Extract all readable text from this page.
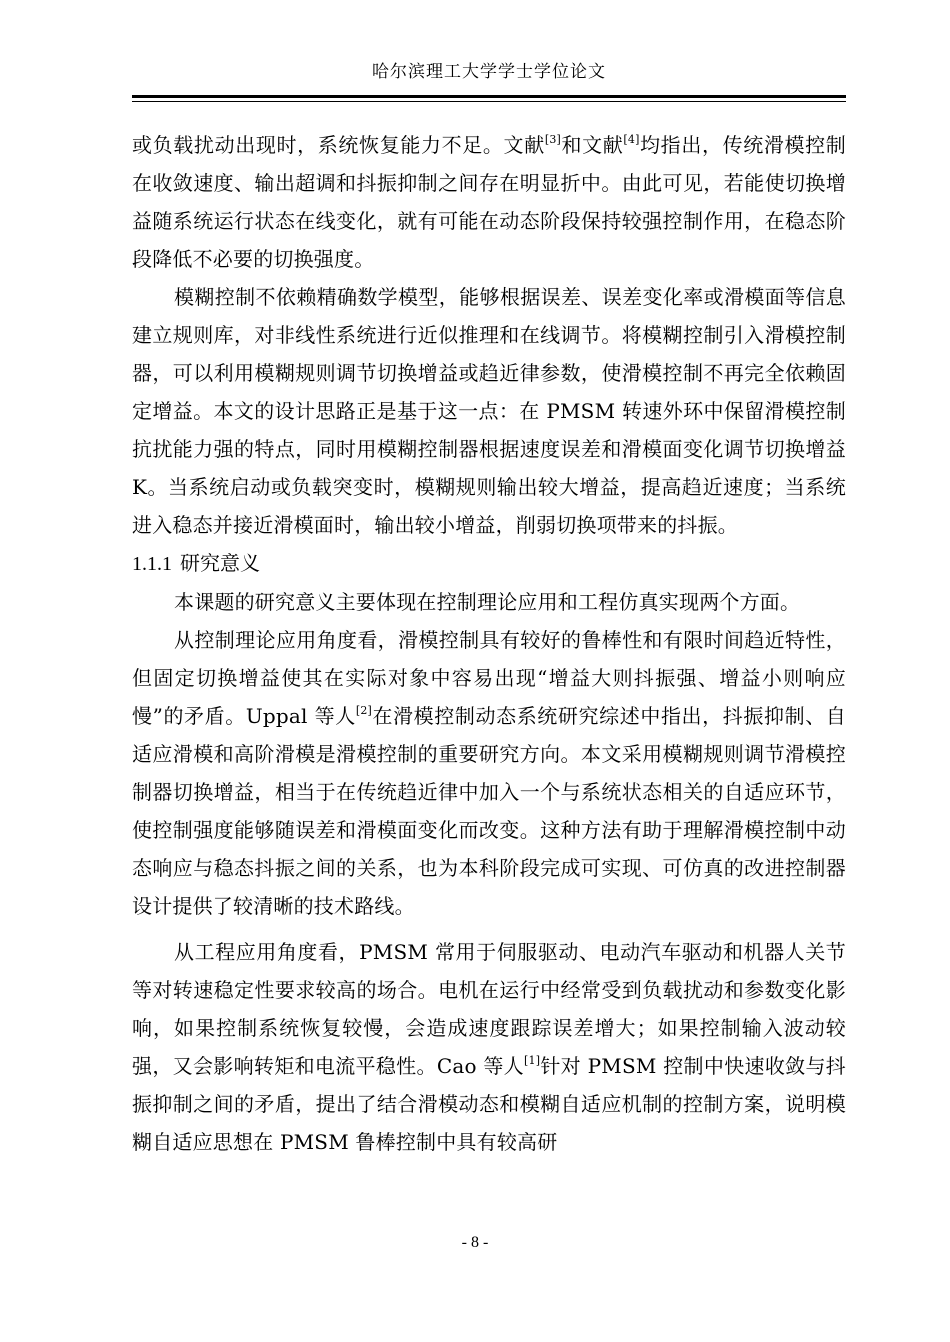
哈尔滨理工大学学士学位论文

或负载扰动出现时，系统恢复能力不足。文献[3]和文献[4]均指出，传统滑模控制在收敛速度、输出超调和抖振抑制之间存在明显折中。由此可见，若能使切换增益随系统运行状态在线变化，就有可能在动态阶段保持较强控制作用，在稳态阶段降低不必要的切换强度。

模糊控制不依赖精确数学模型，能够根据误差、误差变化率或滑模面等信息建立规则库，对非线性系统进行近似推理和在线调节。将模糊控制引入滑模控制器，可以利用模糊规则调节切换增益或趋近律参数，使滑模控制不再完全依赖固定增益。本文的设计思路正是基于这一点：在 PMSM 转速外环中保留滑模控制抗扰能力强的特点，同时用模糊控制器根据速度误差和滑模面变化调节切换增益 K。当系统启动或负载突变时，模糊规则输出较大增益，提高趋近速度；当系统进入稳态并接近滑模面时，输出较小增益，削弱切换项带来的抖振。

1.1.1 研究意义

本课题的研究意义主要体现在控制理论应用和工程仿真实现两个方面。

从控制理论应用角度看，滑模控制具有较好的鲁棒性和有限时间趋近特性，但固定切换增益使其在实际对象中容易出现“增益大则抖振强、增益小则响应慢”的矛盾。Uppal 等人[2]在滑模控制动态系统研究综述中指出，抖振抑制、自适应滑模和高阶滑模是滑模控制的重要研究方向。本文采用模糊规则调节滑模控制器切换增益，相当于在传统趋近律中加入一个与系统状态相关的自适应环节，使控制强度能够随误差和滑模面变化而改变。这种方法有助于理解滑模控制中动态响应与稳态抖振之间的关系，也为本科阶段完成可实现、可仿真的改进控制器设计提供了较清晰的技术路线。

从工程应用角度看，PMSM 常用于伺服驱动、电动汽车驱动和机器人关节等对转速稳定性要求较高的场合。电机在运行中经常受到负载扰动和参数变化影响，如果控制系统恢复较慢，会造成速度跟踪误差增大；如果控制输入波动较强，又会影响转矩和电流平稳性。Cao 等人[1]针对 PMSM 控制中快速收敛与抖振抑制之间的矛盾，提出了结合滑模动态和模糊自适应机制的控制方案，说明模糊自适应思想在 PMSM 鲁棒控制中具有较高研

- 8 -
